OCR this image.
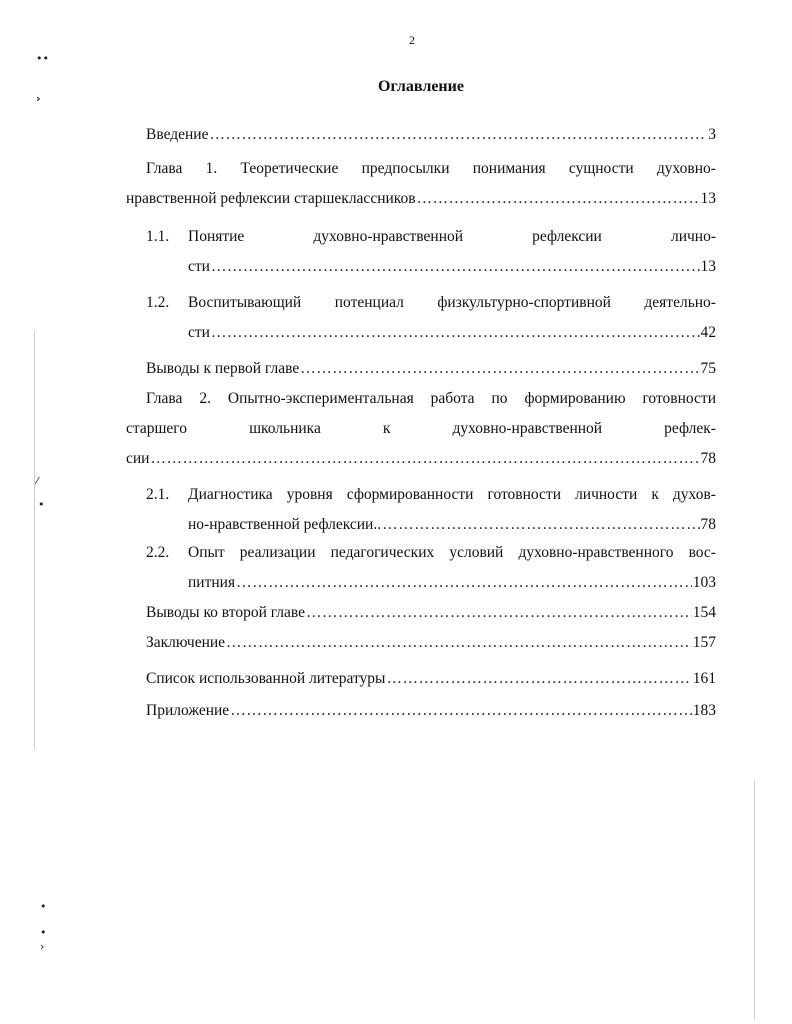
2
Оглавление
Введение …………………………………………………………………………………………………………………………………………………………………………………………	3
Глава 1. Теоретические предпосылки понимания сущности духовно-
нравственной рефлексии старшеклассников …………………………………………………………………………………………………………………………………………………………………………………………	13
1.1. Понятие	духовно-нравственной	рефлексии	лично-
сти …………………………………………………………………………………………………………………………………………………………………………………………	13
1.2. Воспитывающий потенциал физкультурно-спортивной деятельно-
сти …………………………………………………………………………………………………………………………………………………………………………………………	42
Выводы к первой главе …………………………………………………………………………………………………………………………………………………………………………………………	75
Глава 2. Опытно-экспериментальная работа по формированию готовности
старшего	школьника	к	духовно-нравственной	рефлек-
сии …………………………………………………………………………………………………………………………………………………………………………………………	78
2.1. Диагностика уровня сформированности готовности личности к духов-
но-нравственной рефлексии.. …………………………………………………………………………………………………………………………………………………………………………………………	78
2.2. Опыт реализации педагогических условий духовно-нравственного вос-
питния …………………………………………………………………………………………………………………………………………………………………………………………	103
Выводы ко второй главе …………………………………………………………………………………………………………………………………………………………………………………………	154
Заключение …………………………………………………………………………………………………………………………………………………………………………………………	157
Список использованной литературы …………………………………………………………………………………………………………………………………………………………………………………………	161
Приложение …………………………………………………………………………………………………………………………………………………………………………………………	183
••
›
⁄
•
•
•
›
